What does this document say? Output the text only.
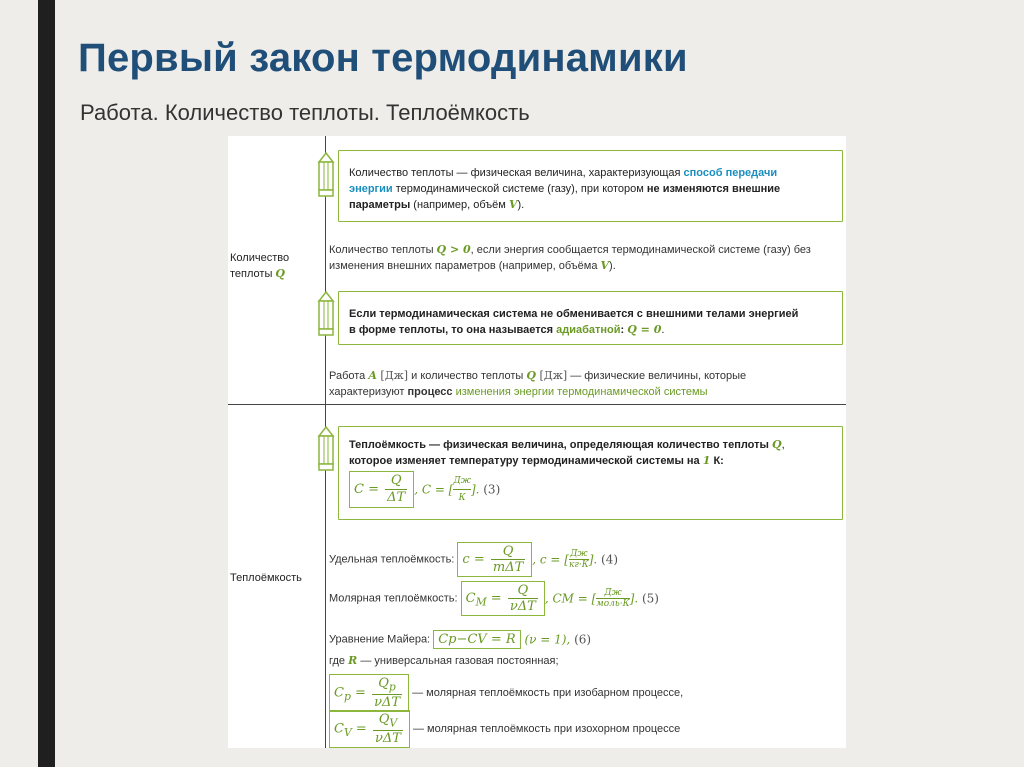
Первый закон термодинамики
Работа. Количество теплоты. Теплоёмкость
Количество
теплоты Q
Теплоёмкость
Количество теплоты — физическая величина, характеризующая способ передачи
энергии термодинамической системе (газу), при котором не изменяются внешние
параметры (например, объём V).
Количество теплоты Q > 0, если энергия сообщается термодинамической системе (газу) без
изменения внешних параметров (например, объёма V).
Если термодинамическая система не обменивается с внешними телами энергией
в форме теплоты, то она называется адиабатной: Q = 0.
Работа A [Дж] и количество теплоты Q [Дж] — физические величины, которые
характеризуют процесс изменения энергии термодинамической системы
Теплоёмкость — физическая величина, определяющая количество теплоты Q,
которое изменяет температуру термодинамической системы на 1 К:
$C = \frac{Q}{\Delta T}$ , C = [
Дж
К
]. (3)
Удельная теплоёмкость: $c = \frac{Q}{\text{mΔT}}$ , c = [ Дж
кг·К ]. (4)
Молярная теплоёмкость: $C_M = \frac{Q}{\text{νΔT}}$ , CM = [ Дж
моль·К ]. (5)
Уравнение Майера: Cp−CV = R (ν = 1), (6)
где R — универсальная газовая постоянная;
$C_p = \frac{Q_p}{\text{νΔT}}$ — молярная теплоёмкость при изобарном процессе,
$C_V = \frac{Q_V}{\text{νΔT}}$ — молярная теплоёмкость при изохорном процессе
